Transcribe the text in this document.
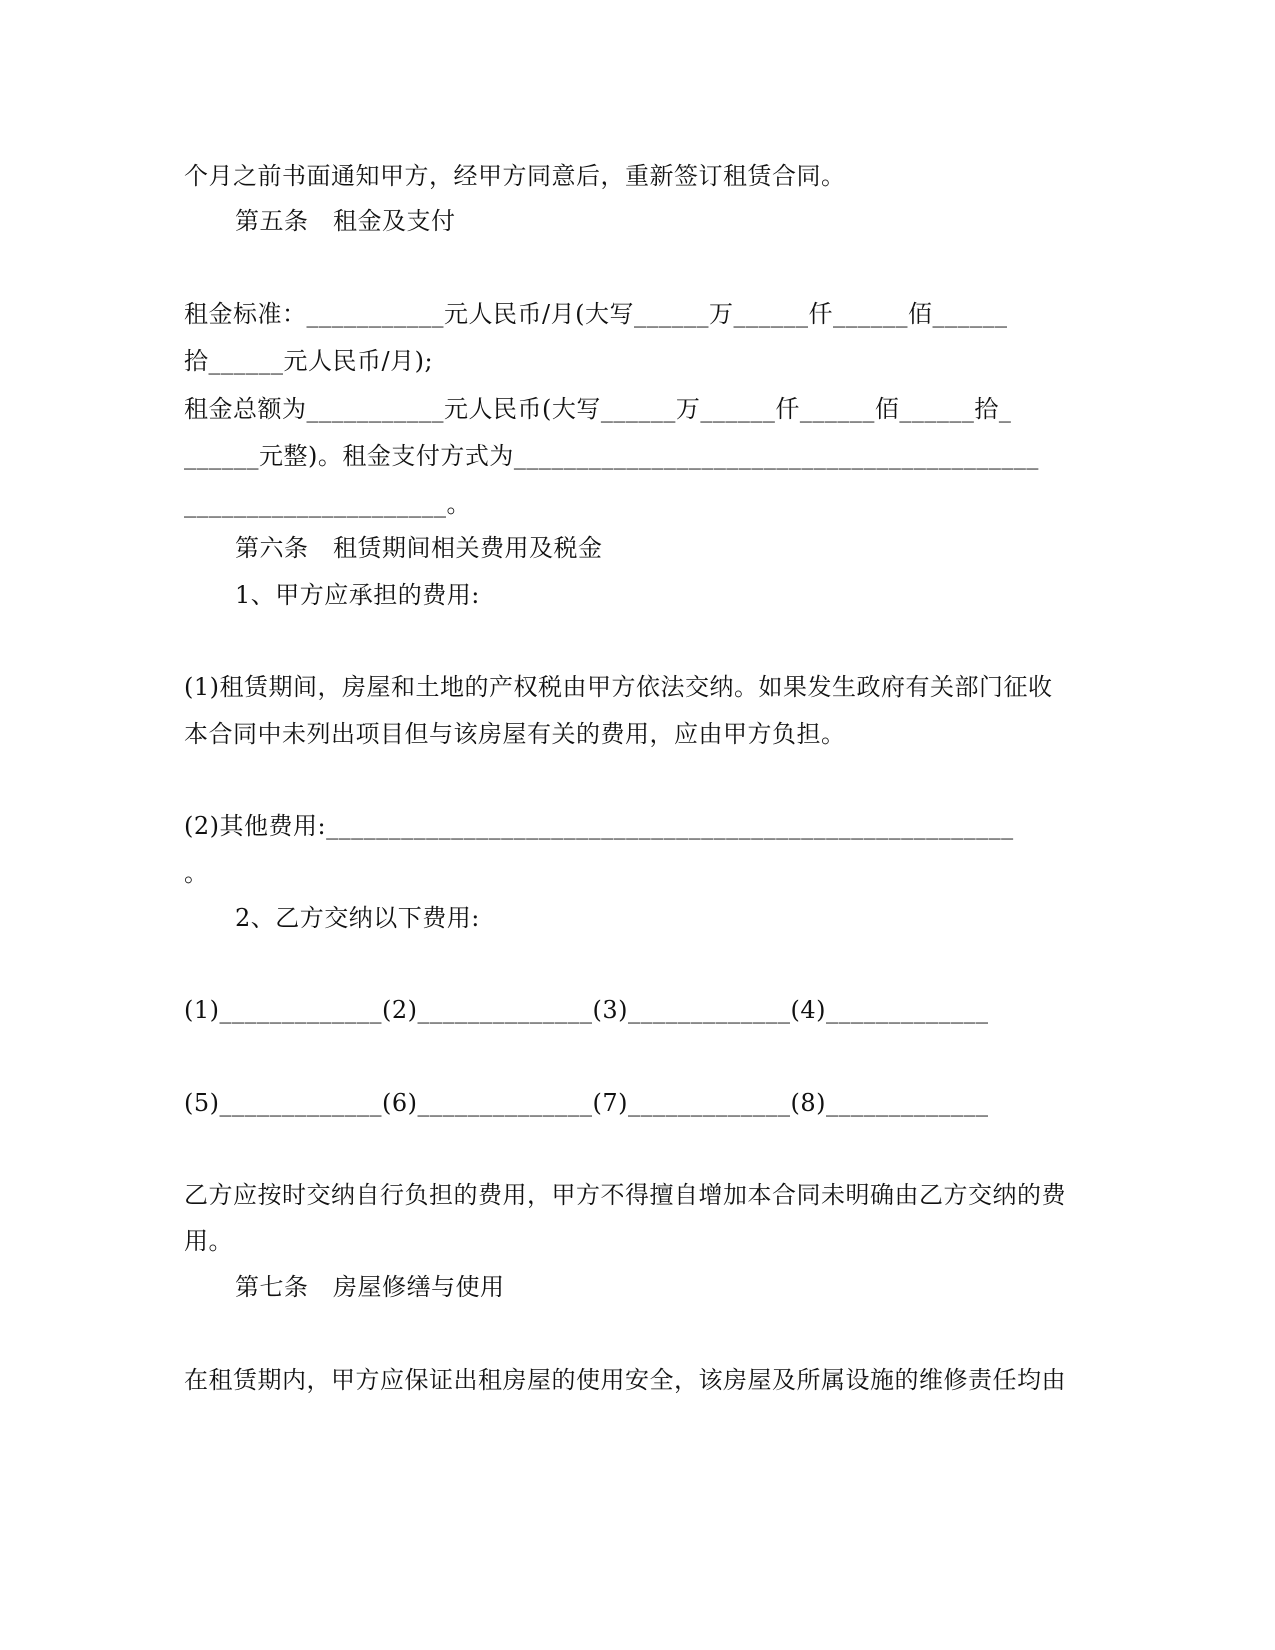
个月之前书面通知甲方，经甲方同意后，重新签订租赁合同。
第五条　租金及支付
租金标准：___________元人民币/月(大写______万______仟______佰______
拾______元人民币/月);
租金总额为___________元人民币(大写______万______仟______佰______拾_
______元整)。租金支付方式为__________________________________________
_____________________。
第六条　租赁期间相关费用及税金
1、甲方应承担的费用:
(1)租赁期间，房屋和土地的产权税由甲方依法交纳。如果发生政府有关部门征收
本合同中未列出项目但与该房屋有关的费用，应由甲方负担。
(2)其他费用:_______________________________________________________
。
2、乙方交纳以下费用:
(1)_____________(2)______________(3)_____________(4)_____________
(5)_____________(6)______________(7)_____________(8)_____________
乙方应按时交纳自行负担的费用，甲方不得擅自增加本合同未明确由乙方交纳的费
用。
第七条　房屋修缮与使用
在租赁期内，甲方应保证出租房屋的使用安全，该房屋及所属设施的维修责任均由
